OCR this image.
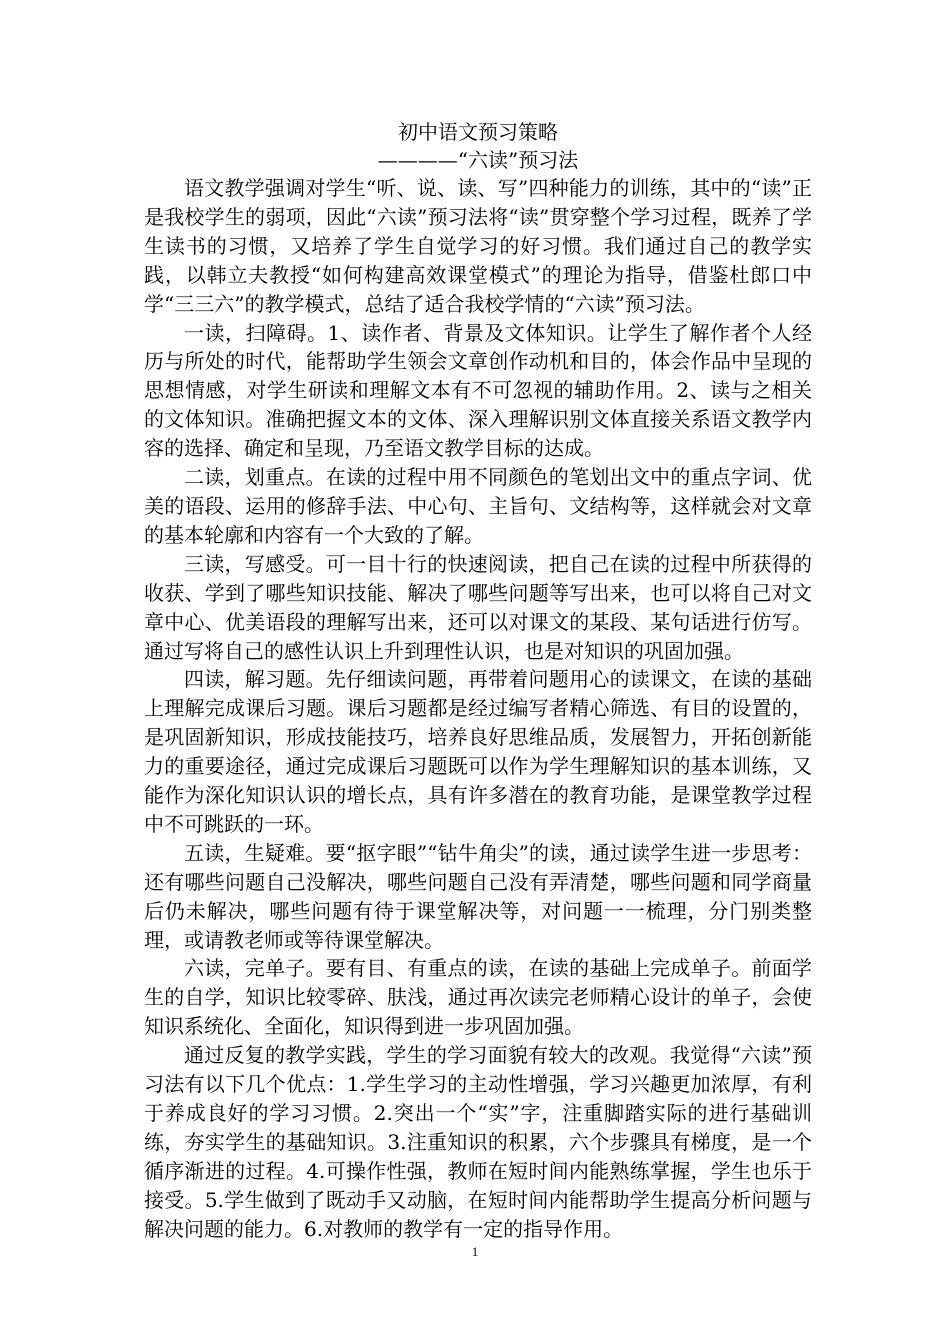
初中语文预习策略

————“六读”预习法

语文教学强调对学生“听、说、读、写”四种能力的训练，其中的“读”正是我校学生的弱项，因此“六读”预习法将“读”贯穿整个学习过程，既养了学生读书的习惯，又培养了学生自觉学习的好习惯。我们通过自己的教学实践，以韩立夫教授“如何构建高效课堂模式”的理论为指导，借鉴杜郎口中学“三三六”的教学模式，总结了适合我校学情的“六读”预习法。

一读，扫障碍。1、读作者、背景及文体知识。让学生了解作者个人经历与所处的时代，能帮助学生领会文章创作动机和目的，体会作品中呈现的思想情感，对学生研读和理解文本有不可忽视的辅助作用。2、读与之相关的文体知识。准确把握文本的文体、深入理解识别文体直接关系语文教学内容的选择、确定和呈现，乃至语文教学目标的达成。

二读，划重点。在读的过程中用不同颜色的笔划出文中的重点字词、优美的语段、运用的修辞手法、中心句、主旨句、文结构等，这样就会对文章的基本轮廓和内容有一个大致的了解。

三读，写感受。可一目十行的快速阅读，把自己在读的过程中所获得的收获、学到了哪些知识技能、解决了哪些问题等写出来，也可以将自己对文章中心、优美语段的理解写出来，还可以对课文的某段、某句话进行仿写。通过写将自己的感性认识上升到理性认识，也是对知识的巩固加强。

四读，解习题。先仔细读问题，再带着问题用心的读课文，在读的基础上理解完成课后习题。课后习题都是经过编写者精心筛选、有目的设置的，是巩固新知识，形成技能技巧，培养良好思维品质，发展智力，开拓创新能力的重要途径，通过完成课后习题既可以作为学生理解知识的基本训练，又能作为深化知识认识的增长点，具有许多潜在的教育功能，是课堂教学过程中不可跳跃的一环。

五读，生疑难。要“抠字眼”“钻牛角尖”的读，通过读学生进一步思考：还有哪些问题自己没解决，哪些问题自己没有弄清楚，哪些问题和同学商量后仍未解决，哪些问题有待于课堂解决等，对问题一一梳理，分门别类整理，或请教老师或等待课堂解决。

六读，完单子。要有目、有重点的读，在读的基础上完成单子。前面学生的自学，知识比较零碎、肤浅，通过再次读完老师精心设计的单子，会使知识系统化、全面化，知识得到进一步巩固加强。

通过反复的教学实践，学生的学习面貌有较大的改观。我觉得“六读”预习法有以下几个优点：1.学生学习的主动性增强，学习兴趣更加浓厚，有利于养成良好的学习习惯。2.突出一个“实”字，注重脚踏实际的进行基础训练，夯实学生的基础知识。3.注重知识的积累，六个步骤具有梯度，是一个循序渐进的过程。4.可操作性强，教师在短时间内能熟练掌握，学生也乐于接受。5.学生做到了既动手又动脑，在短时间内能帮助学生提高分析问题与解决问题的能力。6.对教师的教学有一定的指导作用。

1
